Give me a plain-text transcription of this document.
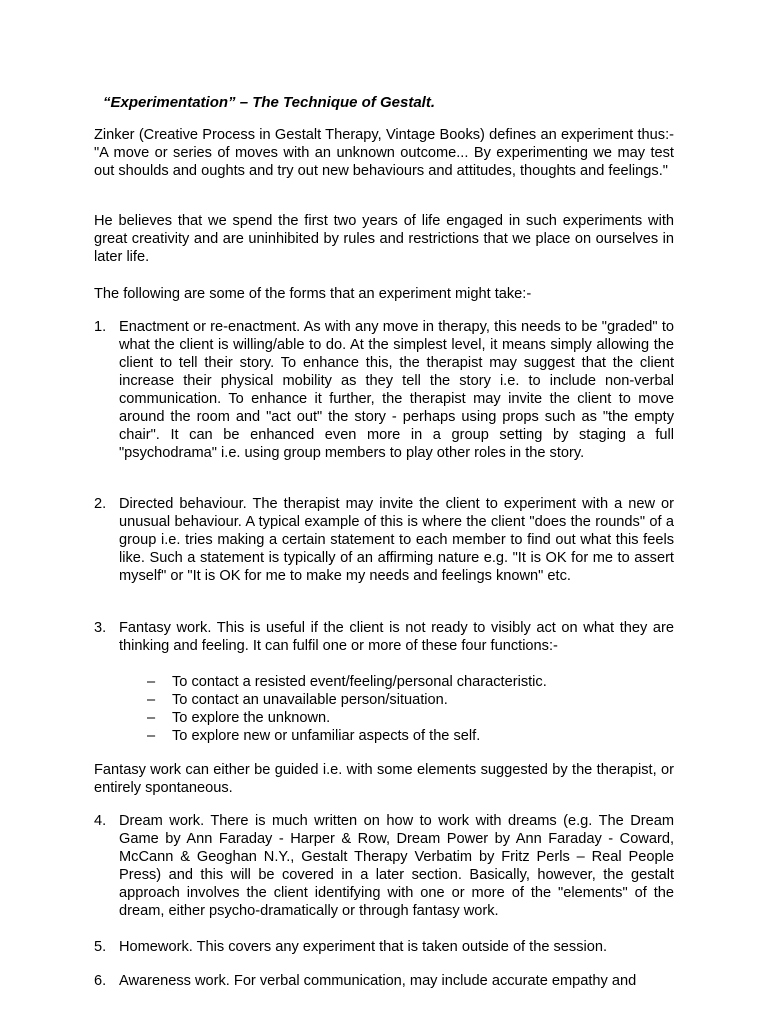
“Experimentation” – The Technique of Gestalt.

Zinker (Creative Process in Gestalt Therapy, Vintage Books) defines an experiment thus:- "A move or series of moves with an unknown outcome... By experimenting we may test out shoulds and oughts and try out new behaviours and attitudes, thoughts and feelings."

He believes that we spend the first two years of life engaged in such experiments with great creativity and are uninhibited by rules and restrictions that we place on ourselves in later life.

The following are some of the forms that an experiment might take:-

1. Enactment or re-enactment. As with any move in therapy, this needs to be "graded" to what the client is willing/able to do. At the simplest level, it means simply allowing the client to tell their story. To enhance this, the therapist may suggest that the client increase their physical mobility as they tell the story i.e. to include non-verbal communication. To enhance it further, the therapist may invite the client to move around the room and "act out" the story - perhaps using props such as "the empty chair". It can be enhanced even more in a group setting by staging a full "psychodrama" i.e. using group members to play other roles in the story.
2. Directed behaviour. The therapist may invite the client to experiment with a new or unusual behaviour. A typical example of this is where the client "does the rounds" of a group i.e. tries making a certain statement to each member to find out what this feels like. Such a statement is typically of an affirming nature e.g. "It is OK for me to assert myself" or "It is OK for me to make my needs and feelings known" etc.
3. Fantasy work. This is useful if the client is not ready to visibly act on what they are thinking and feeling. It can fulfil one or more of these four functions:-
– To contact a resisted event/feeling/personal characteristic.
– To contact an unavailable person/situation.
– To explore the unknown.
– To explore new or unfamiliar aspects of the self.

Fantasy work can either be guided i.e. with some elements suggested by the therapist, or entirely spontaneous.

4. Dream work. There is much written on how to work with dreams (e.g. The Dream Game by Ann Faraday - Harper & Row, Dream Power by Ann Faraday - Coward, McCann & Geoghan N.Y., Gestalt Therapy Verbatim by Fritz Perls – Real People Press) and this will be covered in a later section. Basically, however, the gestalt approach involves the client identifying with one or more of the "elements" of the dream, either psycho-dramatically or through fantasy work.
5. Homework. This covers any experiment that is taken outside of the session.
6. Awareness work. For verbal communication, may include accurate empathy and
